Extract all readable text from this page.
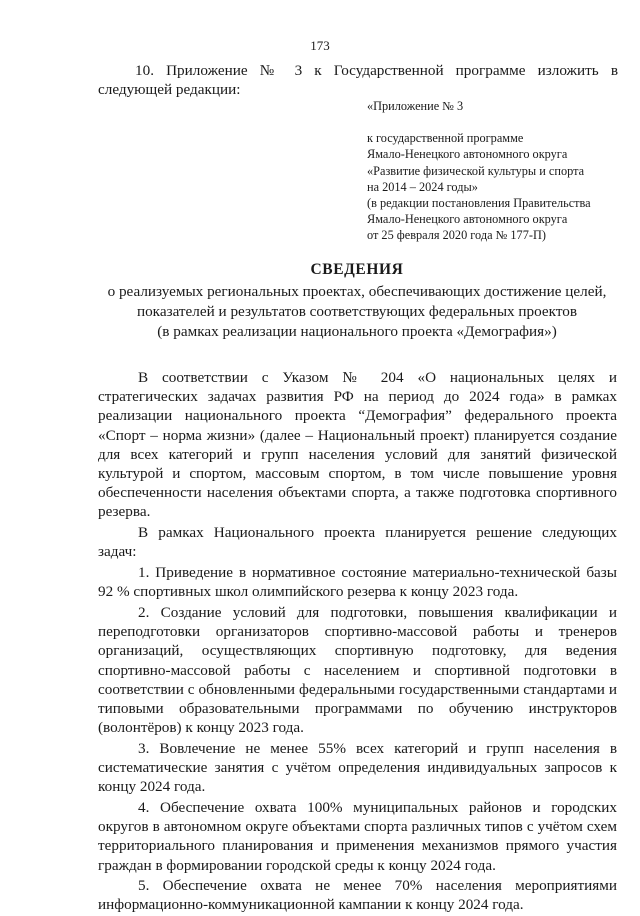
173
10. Приложение № 3 к Государственной программе изложить в
следующей редакции:
«Приложение № 3
к государственной программе
Ямало-Ненецкого автономного округа
«Развитие физической культуры и спорта
на 2014 – 2024 годы»
(в редакции постановления Правительства
Ямало-Ненецкого автономного округа
от 25 февраля 2020 года № 177-П)
СВЕДЕНИЯ
о реализуемых региональных проектах, обеспечивающих достижение целей,
показателей и результатов соответствующих федеральных проектов
(в рамках реализации национального проекта «Демография»)

В соответствии с Указом № 204 «О национальных целях и стратегических задачах развития РФ на период до 2024 года» в рамках реализации национального проекта “Демография” федерального проекта «Спорт – норма жизни» (далее – Национальный проект) планируется создание для всех категорий и групп населения условий для занятий физической культурой и спортом, массовым спортом, в том числе повышение уровня обеспеченности населения объектами спорта, а также подготовка спортивного резерва.

В рамках Национального проекта планируется решение следующих задач:

1. Приведение в нормативное состояние материально-технической базы 92 % спортивных школ олимпийского резерва к концу 2023 года.

2. Создание условий для подготовки, повышения квалификации и переподготовки организаторов спортивно-массовой работы и тренеров организаций, осуществляющих спортивную подготовку, для ведения спортивно-массовой работы с населением и спортивной подготовки в соответствии с обновленными федеральными государственными стандартами и типовыми образовательными программами по обучению инструкторов (волонтёров) к концу 2023 года.

3. Вовлечение не менее 55% всех категорий и групп населения в систематические занятия с учётом определения индивидуальных запросов к концу 2024 года.

4. Обеспечение охвата 100% муниципальных районов и городских округов в автономном округе объектами спорта различных типов с учётом схем территориального планирования и применения механизмов прямого участия граждан в формировании городской среды к концу 2024 года.

5. Обеспечение охвата не менее 70% населения мероприятиями информационно-коммуникационной кампании к концу 2024 года.
